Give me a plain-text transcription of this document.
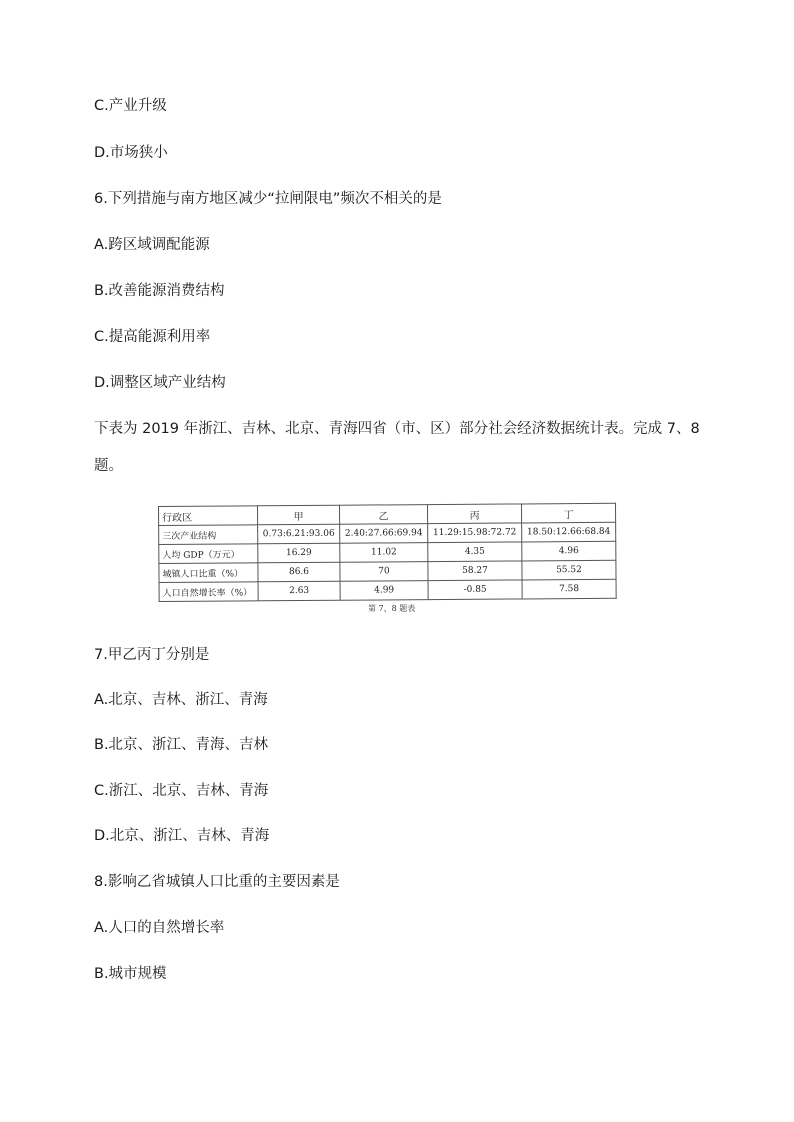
C.产业升级

D.市场狭小

6.下列措施与南方地区减少“拉闸限电”频次不相关的是

A.跨区域调配能源

B.改善能源消费结构

C.提高能源利用率

D.调整区域产业结构

下表为 2019 年浙江、吉林、北京、青海四省（市、区）部分社会经济数据统计表。完成 7、8

题。

行政区	甲	乙	丙	丁
三次产业结构	0.73:6.21:93.06	2.40:27.66:69.94	11.29:15.98:72.72	18.50:12.66:68.84
人均 GDP（万元）	16.29	11.02	4.35	4.96
城镇人口比重（%）	86.6	70	58.27	55.52
人口自然增长率（%）	2.63	4.99	-0.85	7.58
第 7、8 题表

7.甲乙丙丁分别是

A.北京、吉林、浙江、青海

B.北京、浙江、青海、吉林

C.浙江、北京、吉林、青海

D.北京、浙江、吉林、青海

8.影响乙省城镇人口比重的主要因素是

A.人口的自然增长率

B.城市规模
